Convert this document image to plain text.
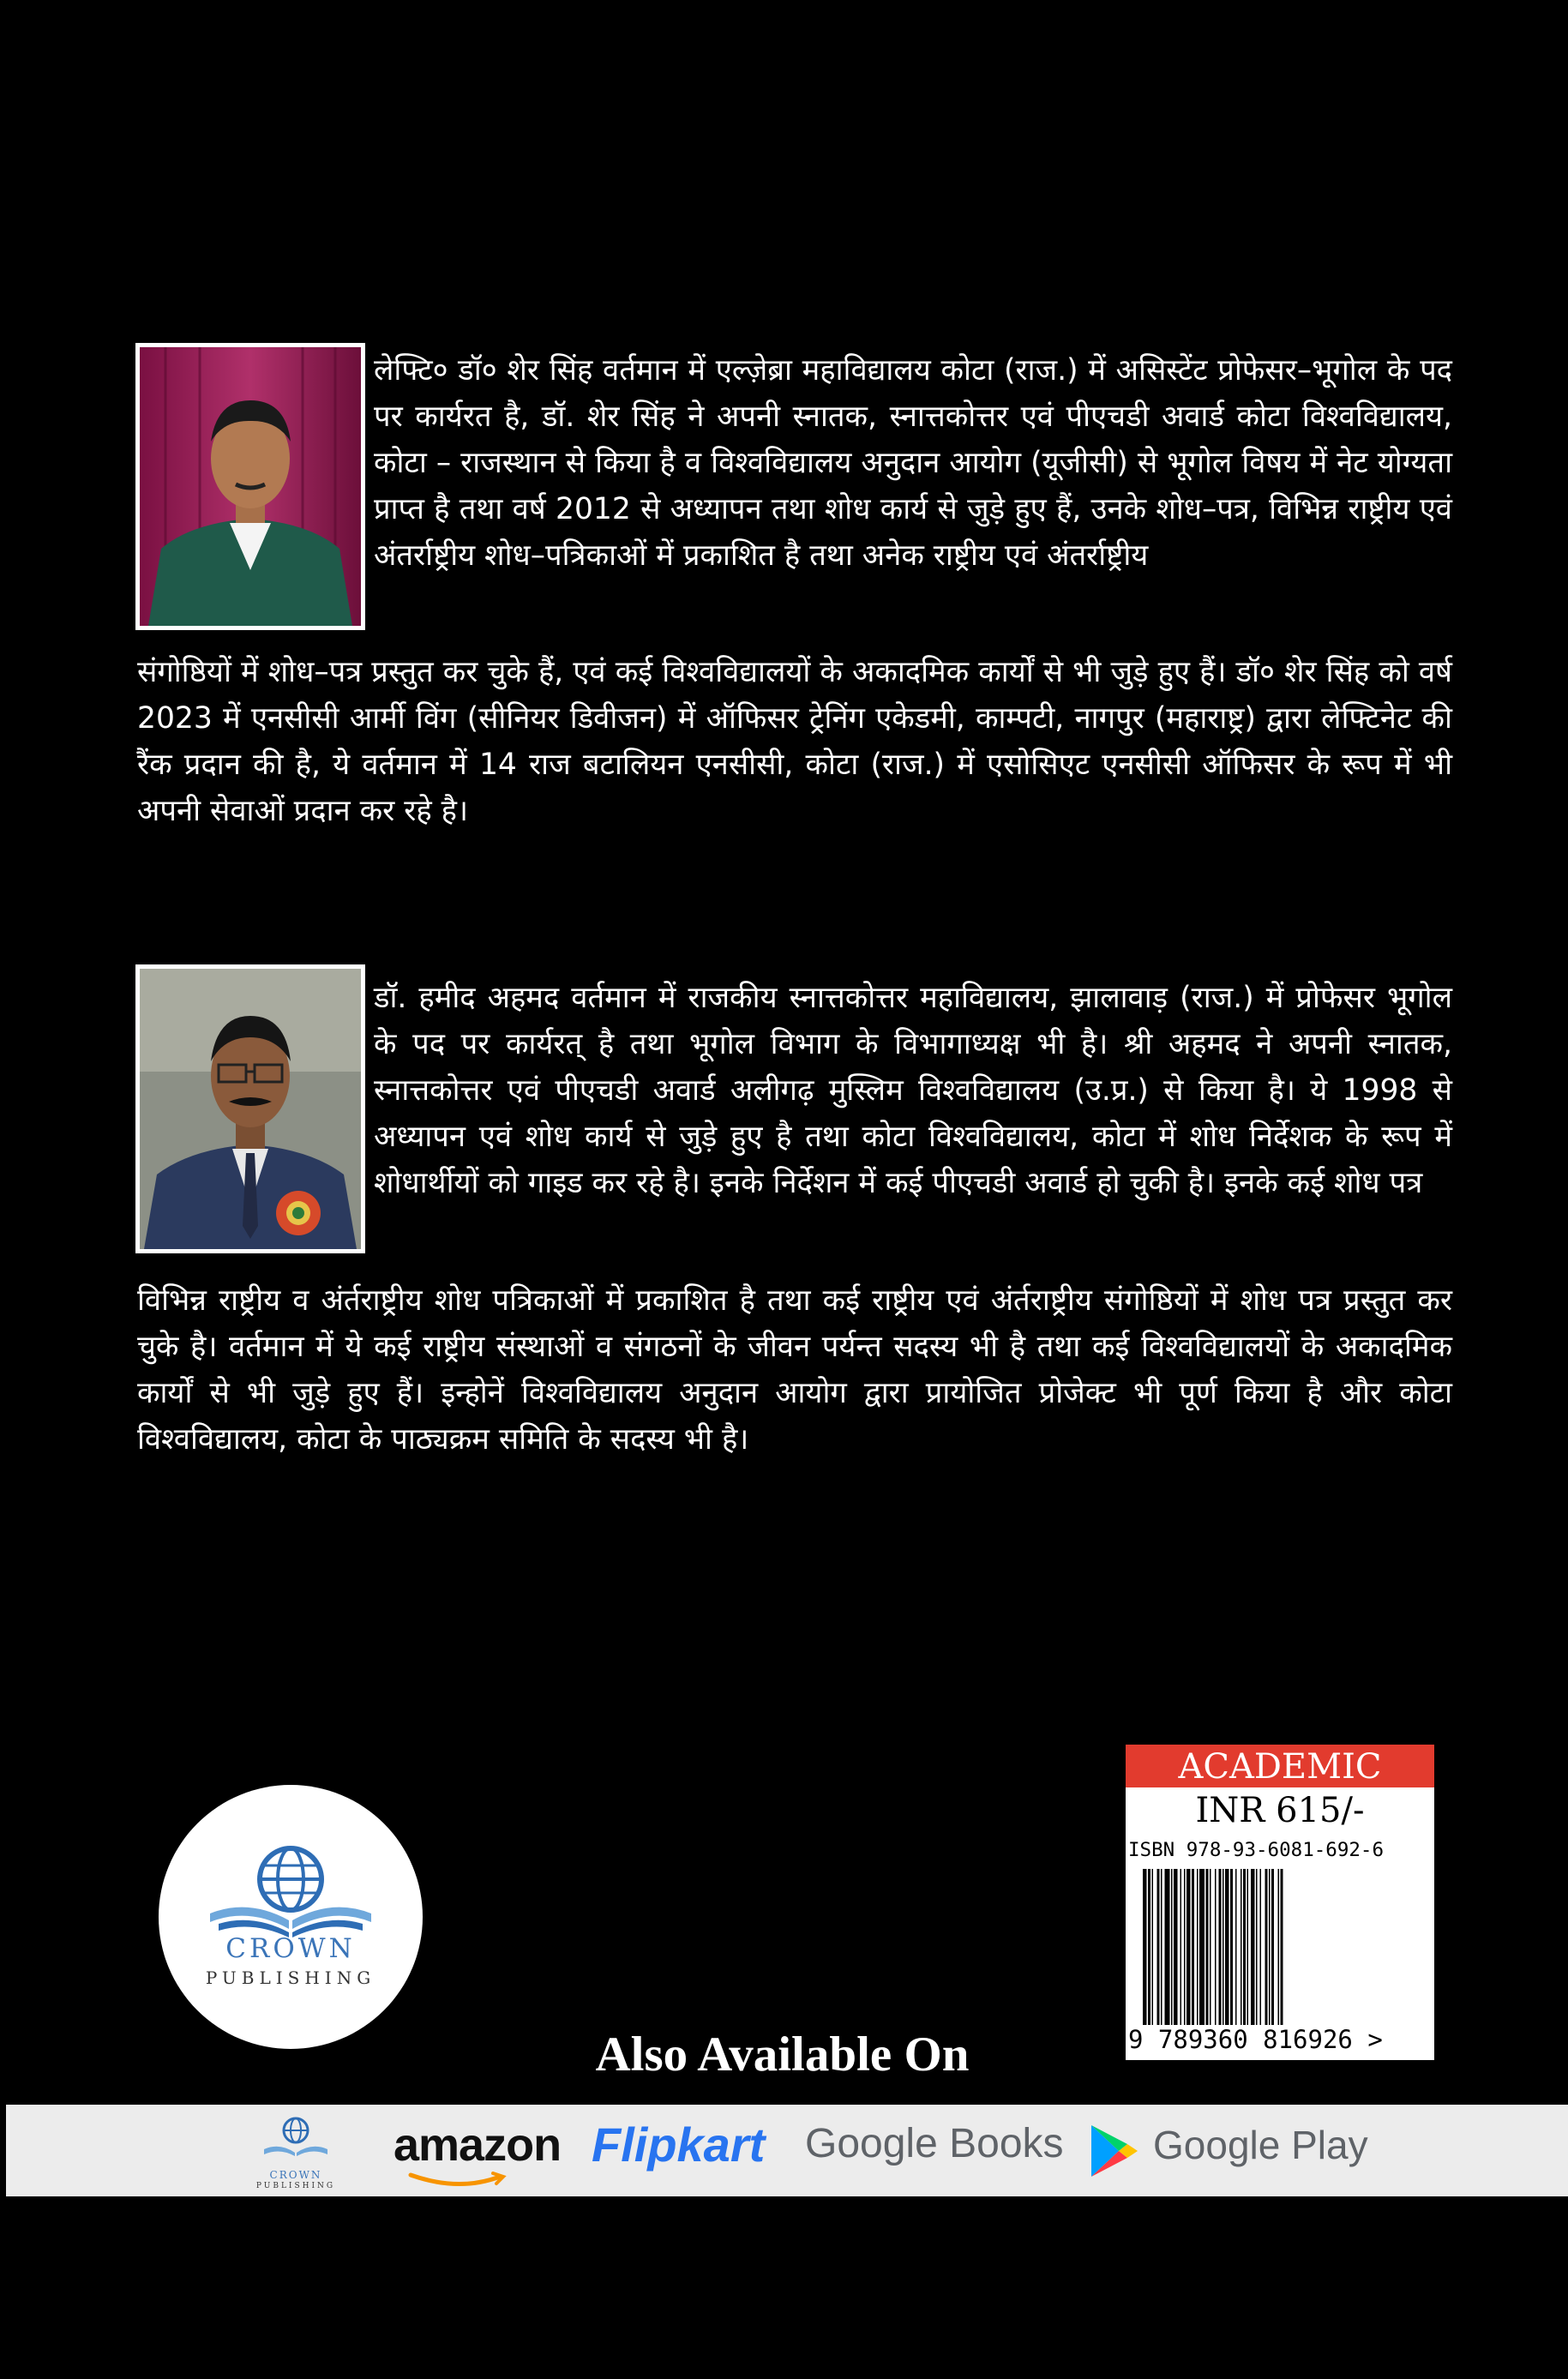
लेफ्टि० डॉ० शेर सिंह वर्तमान में एल्जे़ब्रा महाविद्यालय कोटा (राज.) में असिस्टेंट प्रोफेसर–भूगोल के पद पर कार्यरत है, डॉ. शेर सिंह ने अपनी स्नातक, स्नात्तकोत्तर एवं पीएचडी अवार्ड कोटा विश्वविद्यालय, कोटा – राजस्थान से किया है व विश्वविद्यालय अनुदान आयोग (यूजीसी) से भूगोल विषय में नेट योग्यता प्राप्त है तथा वर्ष 2012 से अध्यापन तथा शोध कार्य से जुड़े हुए हैं, उनके शोध–पत्र, विभिन्न राष्ट्रीय एवं अंतर्राष्ट्रीय शोध–पत्रिकाओं में प्रकाशित है तथा अनेक राष्ट्रीय एवं अंतर्राष्ट्रीय

संगोष्ठियों में शोध–पत्र प्रस्तुत कर चुके हैं, एवं कई विश्वविद्यालयों के अकादमिक कार्यों से भी जुड़े हुए हैं। डॉ० शेर सिंह को वर्ष 2023 में एनसीसी आर्मी विंग (सीनियर डिवीजन) में ऑफिसर ट्रेनिंग एकेडमी, काम्पटी, नागपुर (महाराष्ट्र) द्वारा लेफ्टिनेट की रैंक प्रदान की है, ये वर्तमान में 14 राज बटालियन एनसीसी, कोटा (राज.) में एसोसिएट एनसीसी ऑफिसर के रूप में भी अपनी सेवाओं प्रदान कर रहे है।

डॉ. हमीद अहमद वर्तमान में राजकीय स्नात्तकोत्तर महाविद्यालय, झालावाड़ (राज.) में प्रोफेसर भूगोल के पद पर कार्यरत् है तथा भूगोल विभाग के विभागाध्यक्ष भी है। श्री अहमद ने अपनी स्नातक, स्नात्तकोत्तर एवं पीएचडी अवार्ड अलीगढ़ मुस्लिम विश्वविद्यालय (उ.प्र.) से किया है। ये 1998 से अध्यापन एवं शोध कार्य से जुड़े हुए है तथा कोटा विश्वविद्यालय, कोटा में शोध निर्देशक के रूप में शोधार्थीयों को गाइड कर रहे है। इनके निर्देशन में कई पीएचडी अवार्ड हो चुकी है। इनके कई शोध पत्र

विभिन्न राष्ट्रीय व अंर्तराष्ट्रीय शोध पत्रिकाओं में प्रकाशित है तथा कई राष्ट्रीय एवं अंर्तराष्ट्रीय संगोष्ठियों में शोध पत्र प्रस्तुत कर चुके है। वर्तमान में ये कई राष्ट्रीय संस्थाओं व संगठनों के जीवन पर्यन्त सदस्य भी है तथा कई विश्वविद्यालयों के अकादमिक कार्यों से भी जुड़े हुए हैं। इन्होनें विश्वविद्यालय अनुदान आयोग द्वारा प्रायोजित प्रोजेक्ट भी पूर्ण किया है और कोटा विश्वविद्यालय, कोटा के पाठ्यक्रम समिति के सदस्य भी है।

CROWN
PUBLISHING
ACADEMIC
INR 615/-
ISBN 978-93-6081-692-6
9 789360 816926 >
Also Available On
CROWN
PUBLISHING
amazon Flipkart Google Books Google Play
